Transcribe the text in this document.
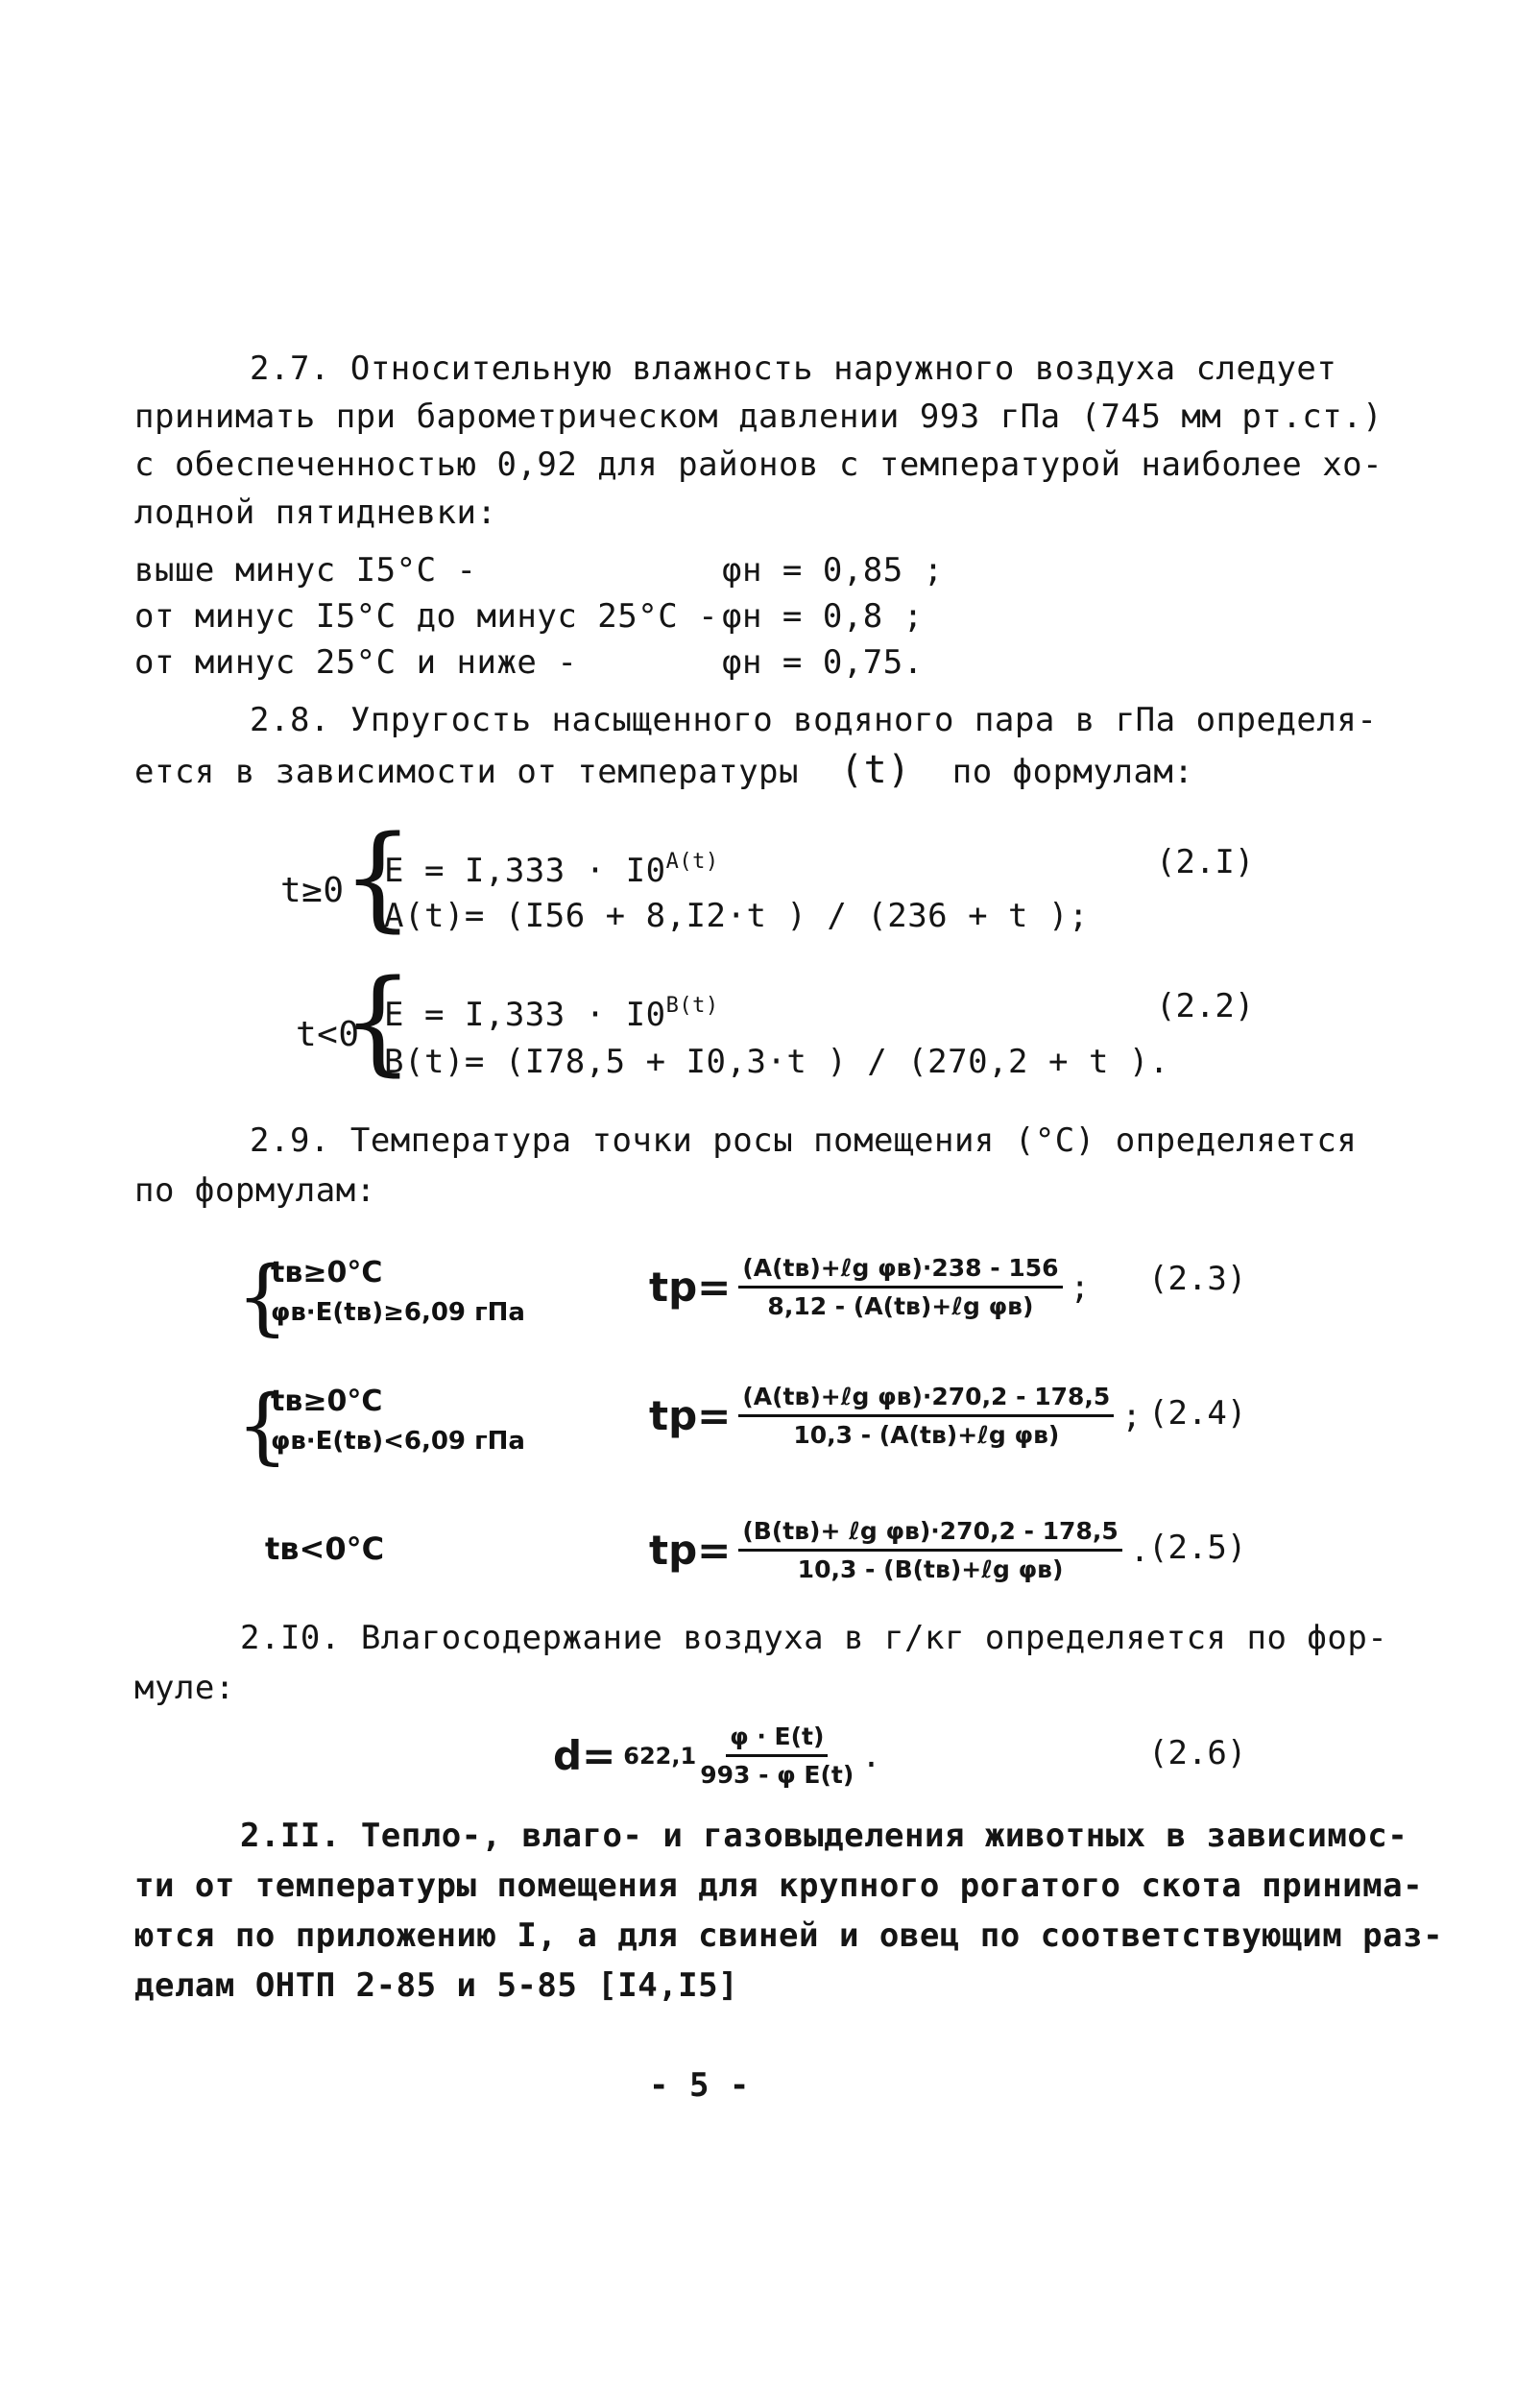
2.7. Относительную влажность наружного воздуха следует
принимать при барометрическом давлении 993 гПа (745 мм рт.ст.)
с обеспеченностью 0,92 для районов с температурой наиболее хо-
лодной пятидневки:
выше минус I5°С -	φн = 0,85 ;
от минус I5°С до минус 25°С - φн = 0,8 ;
от минус 25°С и ниже -	φн = 0,75.
2.8. Упругость насыщенного водяного пара в гПа определя-
ется в зависимости от температуры (t) по формулам:
t≥0
{
$E = I,333 \cdot I0^{A(t)}$	(2.I)
A(t)= (I56 + 8,I2·t ) / (236 + t );
t<0
{
$E = I,333 \cdot I0^{B(t)}$	(2.2)
B(t)= (I78,5 + I0,3·t ) / (270,2 + t ).
2.9. Температура точки росы помещения (°С) определяется
по формулам:
{
tв≥0°C
φв·E(tв)≥6,09 гПа
tр= (A(tв)+ℓg φв)·238 - 156
8,12 - (A(tв)+ℓg φв) ; (2.3)
{
tв≥0°C
φв·E(tв)<6,09 гПа
tр= (A(tв)+ℓg φв)·270,2 - 178,5
10,3 - (A(tв)+ℓg φв) ; (2.4)
tв<0°C	tр= (B(tв)+ ℓg φв)·270,2 - 178,5
10,3 - (B(tв)+ℓg φв) .
(2.5)
2.I0. Влагосодержание воздуха в г/кг определяется по фор-
муле:
$d= 622,1 \frac{\varphi \cdot E(t)}{\text{993 - φ E(t)}}$ .	(2.6)
2.II. Тепло-, влаго- и газовыделения животных в зависимос-
ти от температуры помещения для крупного рогатого скота принима-
ются по приложению I, а для свиней и овец по соответствующим раз-
делам ОНТП 2-85 и 5-85 [I4,I5]
- 5 -
